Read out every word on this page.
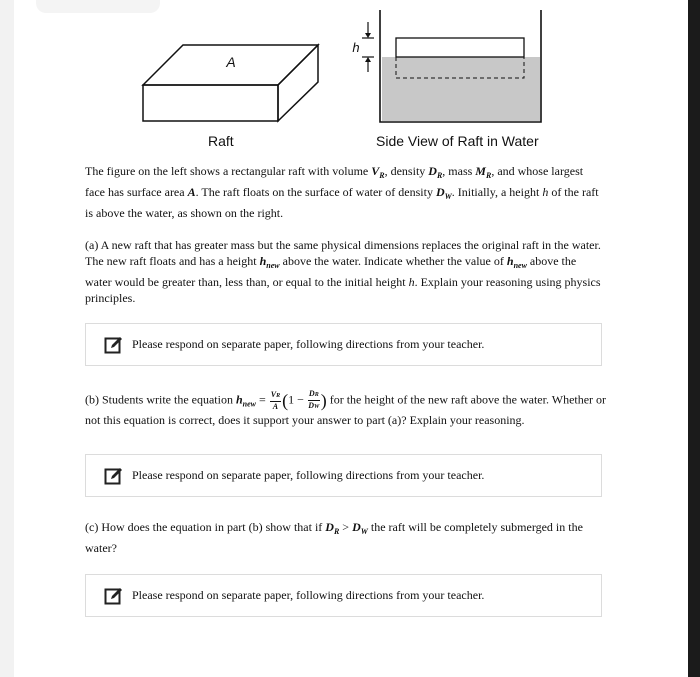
A
h
Raft	Side View of Raft in Water
The figure on the left shows a rectangular raft with volume $V_R$, density $D_R$, mass $M_R$, and whose largest face has surface area A. The raft floats on the surface of water of density $D_W$. Initially, a height h of the raft is above the water, as shown on the right.
(a) A new raft that has greater mass but the same physical dimensions replaces the original raft in the water. The new raft floats and has a height $h_{new}$ above the water. Indicate whether the value of $h_{new}$ above the water would be greater than, less than, or equal to the initial height h. Explain your reasoning using physics principles.
Please respond on separate paper, following directions from your teacher.
(b) Students write the equation $h_{new} = \frac{VR}{A} (1 - \frac{DR}{DW}$ ) for the height of the new raft above the water. Whether or not this equation is correct, does it support your answer to part (a)? Explain your reasoning.
Please respond on separate paper, following directions from your teacher.
(c) How does the equation in part (b) show that if $D_R > D_W$ the raft will be completely submerged in the water?
Please respond on separate paper, following directions from your teacher.
